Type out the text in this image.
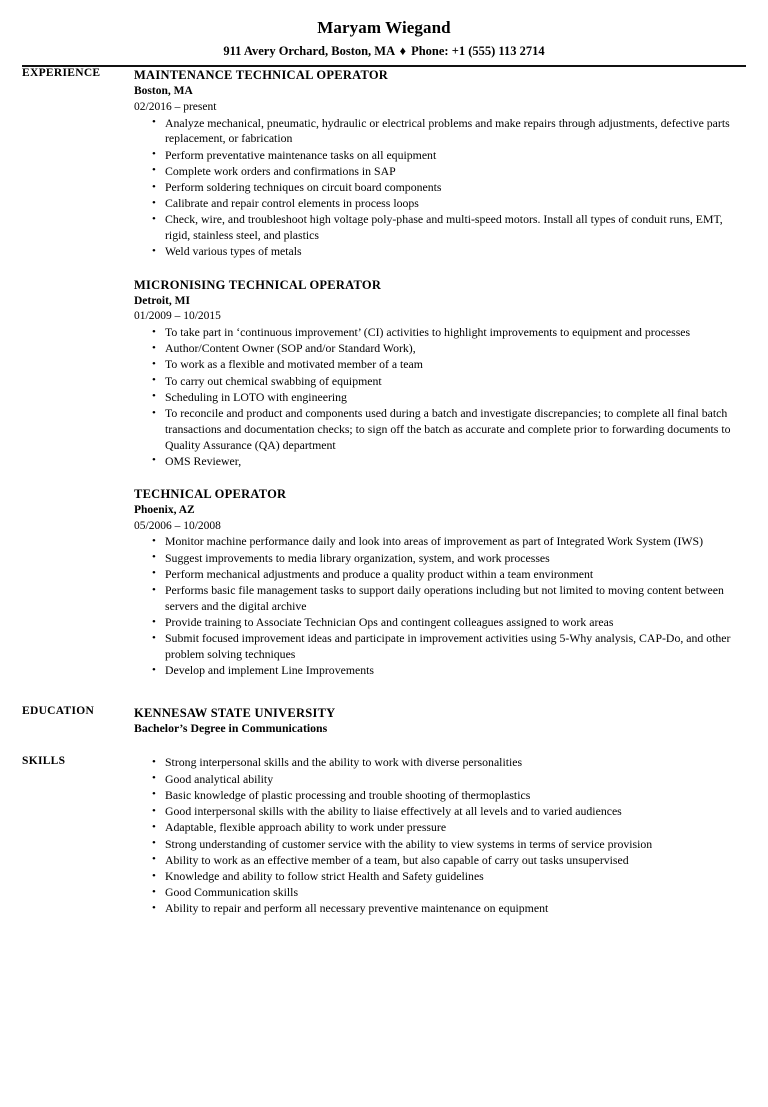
Maryam Wiegand
911 Avery Orchard, Boston, MA ♦ Phone: +1 (555) 113 2714
EXPERIENCE	MAINTENANCE TECHNICAL OPERATOR
Boston, MA
02/2016 – present
• Analyze mechanical, pneumatic, hydraulic or electrical problems and make repairs through adjustments, defective parts replacement, or fabrication
• Perform preventative maintenance tasks on all equipment
• Complete work orders and confirmations in SAP
• Perform soldering techniques on circuit board components
• Calibrate and repair control elements in process loops
• Check, wire, and troubleshoot high voltage poly-phase and multi-speed motors. Install all types of conduit runs, EMT, rigid, stainless steel, and plastics
• Weld various types of metals
MICRONISING TECHNICAL OPERATOR
Detroit, MI
01/2009 – 10/2015
• To take part in ‘continuous improvement’ (CI) activities to highlight improvements to equipment and processes
• Author/Content Owner (SOP and/or Standard Work),
• To work as a flexible and motivated member of a team
• To carry out chemical swabbing of equipment
• Scheduling in LOTO with engineering
• To reconcile and product and components used during a batch and investigate discrepancies; to complete all final batch transactions and documentation checks; to sign off the batch as accurate and complete prior to forwarding documents to Quality Assurance (QA) department
• OMS Reviewer,
TECHNICAL OPERATOR
Phoenix, AZ
05/2006 – 10/2008
• Monitor machine performance daily and look into areas of improvement as part of Integrated Work System (IWS)
• Suggest improvements to media library organization, system, and work processes
• Perform mechanical adjustments and produce a quality product within a team environment
• Performs basic file management tasks to support daily operations including but not limited to moving content between servers and the digital archive
• Provide training to Associate Technician Ops and contingent colleagues assigned to work areas
• Submit focused improvement ideas and participate in improvement activities using 5-Why analysis, CAP-Do, and other problem solving techniques
• Develop and implement Line Improvements
EDUCATION	KENNESAW STATE UNIVERSITY
Bachelor’s Degree in Communications
SKILLS	• Strong interpersonal skills and the ability to work with diverse personalities
• Good analytical ability
• Basic knowledge of plastic processing and trouble shooting of thermoplastics
• Good interpersonal skills with the ability to liaise effectively at all levels and to varied audiences
• Adaptable, flexible approach ability to work under pressure
• Strong understanding of customer service with the ability to view systems in terms of service provision
• Ability to work as an effective member of a team, but also capable of carry out tasks unsupervised
• Knowledge and ability to follow strict Health and Safety guidelines
• Good Communication skills
• Ability to repair and perform all necessary preventive maintenance on equipment
